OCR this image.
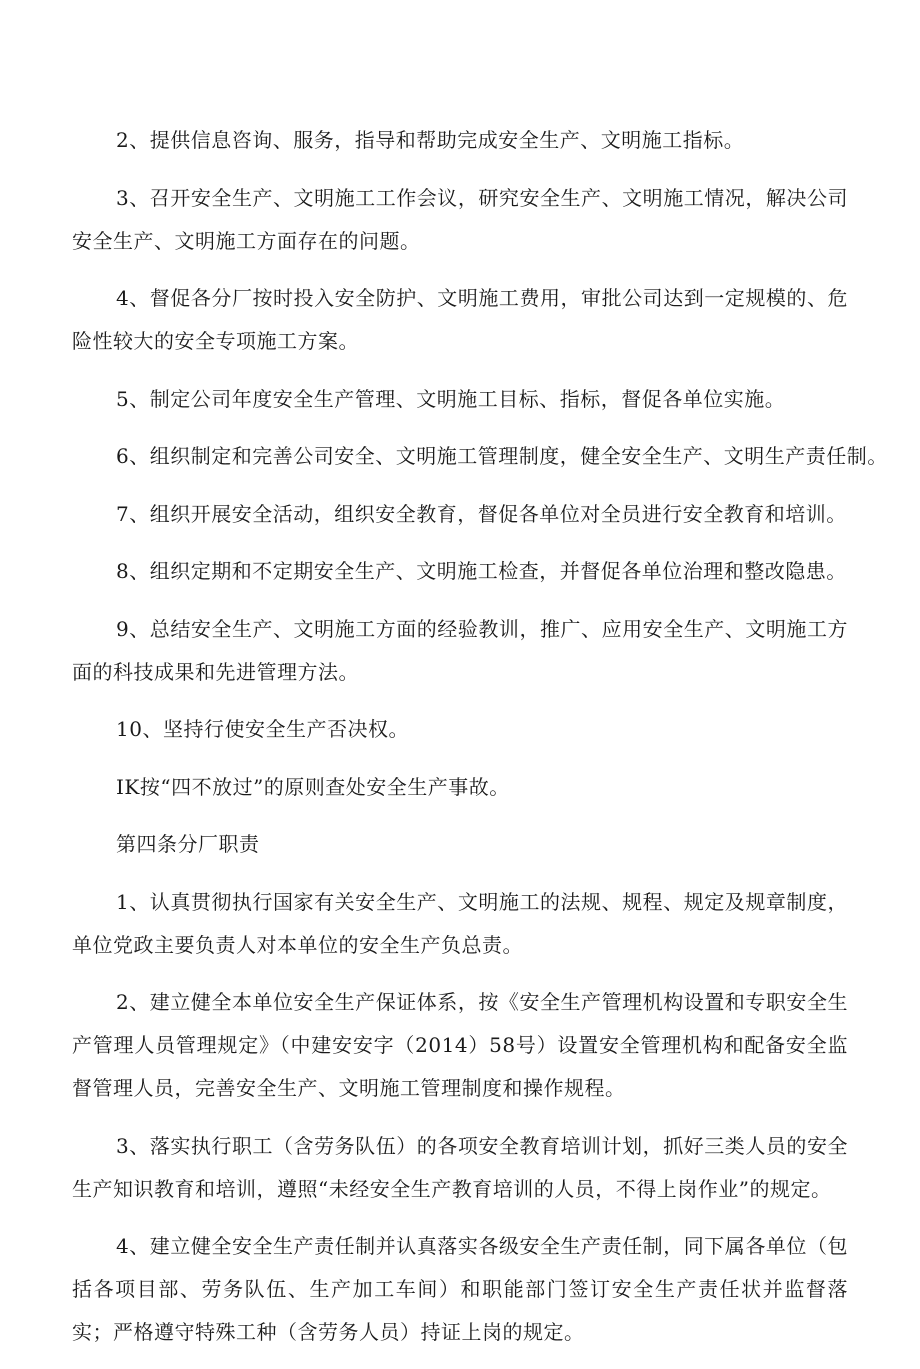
2、提供信息咨询、服务，指导和帮助完成安全生产、文明施工指标。

3、召开安全生产、文明施工工作会议，研究安全生产、文明施工情况，解决公司安全生产、文明施工方面存在的问题。

4、督促各分厂按时投入安全防护、文明施工费用，审批公司达到一定规模的、危险性较大的安全专项施工方案。

5、制定公司年度安全生产管理、文明施工目标、指标，督促各单位实施。

6、组织制定和完善公司安全、文明施工管理制度，健全安全生产、文明生产责任制。

7、组织开展安全活动，组织安全教育，督促各单位对全员进行安全教育和培训。

8、组织定期和不定期安全生产、文明施工检查，并督促各单位治理和整改隐患。

9、总结安全生产、文明施工方面的经验教训，推广、应用安全生产、文明施工方面的科技成果和先进管理方法。

10、坚持行使安全生产否决权。

IK按“四不放过”的原则查处安全生产事故。

第四条分厂职责

1、认真贯彻执行国家有关安全生产、文明施工的法规、规程、规定及规章制度，单位党政主要负责人对本单位的安全生产负总责。

2、建立健全本单位安全生产保证体系，按《安全生产管理机构设置和专职安全生产管理人员管理规定》（中建安安字（2014）58号）设置安全管理机构和配备安全监督管理人员，完善安全生产、文明施工管理制度和操作规程。

3、落实执行职工（含劳务队伍）的各项安全教育培训计划，抓好三类人员的安全生产知识教育和培训，遵照“未经安全生产教育培训的人员，不得上岗作业”的规定。

4、建立健全安全生产责任制并认真落实各级安全生产责任制，同下属各单位（包括各项目部、劳务队伍、生产加工车间）和职能部门签订安全生产责任状并监督落实；严格遵守特殊工种（含劳务人员）持证上岗的规定。
